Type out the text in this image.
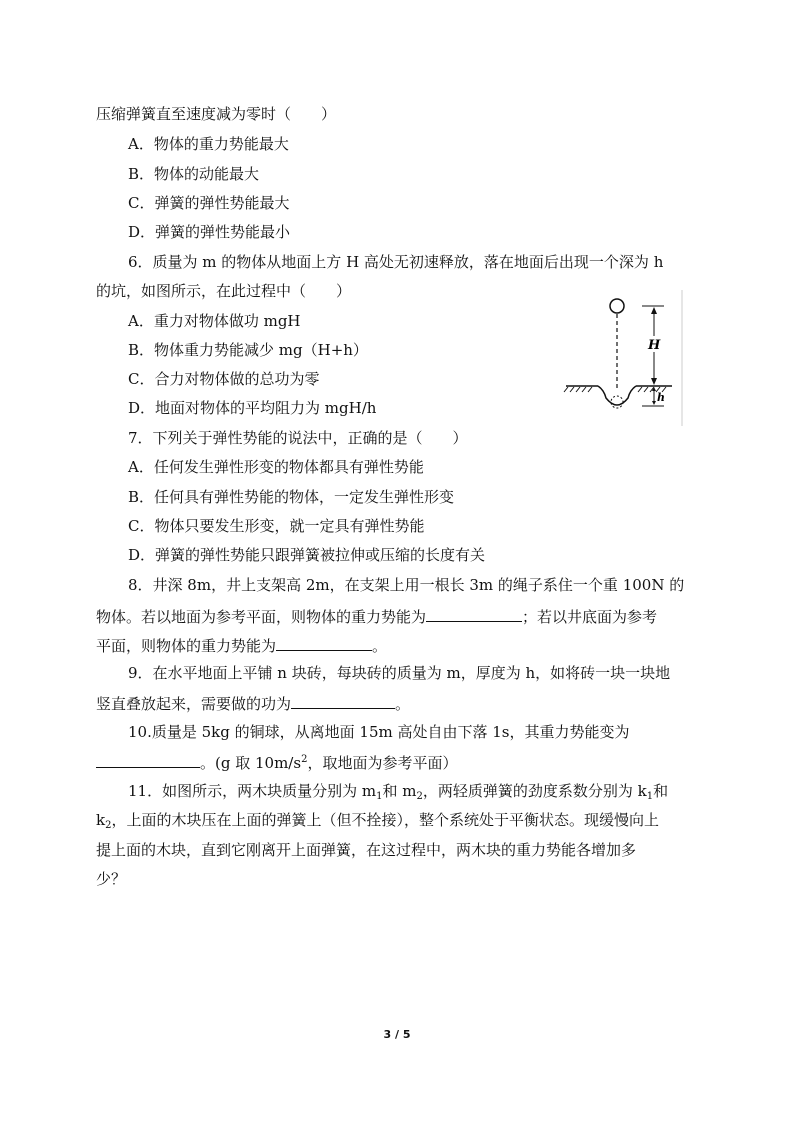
压缩弹簧直至速度减为零时（　　）
A．物体的重力势能最大
B．物体的动能最大
C．弹簧的弹性势能最大
D．弹簧的弹性势能最小
6．质量为 m 的物体从地面上方 H 高处无初速释放，落在地面后出现一个深为 h
的坑，如图所示，在此过程中（　　）
A．重力对物体做功 mgH
B．物体重力势能减少 mg（H+h）
C．合力对物体做的总功为零
D．地面对物体的平均阻力为 mgH/h
H
h
7．下列关于弹性势能的说法中，正确的是（　　）
A．任何发生弹性形变的物体都具有弹性势能
B．任何具有弹性势能的物体，一定发生弹性形变
C．物体只要发生形变，就一定具有弹性势能
D．弹簧的弹性势能只跟弹簧被拉伸或压缩的长度有关
8．井深 8m，井上支架高 2m，在支架上用一根长 3m 的绳子系住一个重 100N 的
物体。若以地面为参考平面，则物体的重力势能为	；若以井底面为参考
平面，则物体的重力势能为	。
9．在水平地面上平铺 n 块砖，每块砖的质量为 m，厚度为 h，如将砖一块一块地
竖直叠放起来，需要做的功为	。
10.质量是 5kg 的铜球，从离地面 15m 高处自由下落 1s，其重力势能变为
。(g 取 $10m/s^2$，取地面为参考平面）
11．如图所示，两木块质量分别为 $m_1$和 $m_2$，两轻质弹簧的劲度系数分别为 $k_1$和
$k_2$，上面的木块压在上面的弹簧上（但不拴接），整个系统处于平衡状态。现缓慢向上
提上面的木块，直到它刚离开上面弹簧，在这过程中，两木块的重力势能各增加多
少？
3 / 5
